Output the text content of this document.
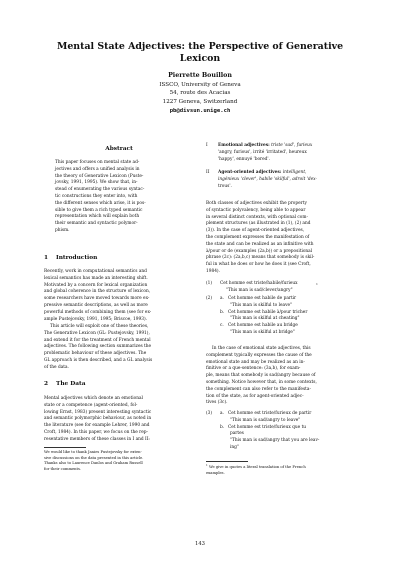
Mental State Adjectives: the Perspective of Generative
Lexicon
Pierrette Bouillon
ISSCO, University of Geneva
54, route des Acacias
1227 Geneva, Switzerland
pb@divsun.unige.ch
Abstract
This paper focuses on mental state ad-
jectives and offers a unified analysis in
the theory of Generative Lexicon (Puste-
jovsky, 1991, 1995). We show that, in-
stead of enumerating the various syntac-
tic constructions they enter into, with
the different senses which arise, it is pos-
sible to give them a rich typed semantic
representation which will explain both
their semantic and syntactic polymor-
phism.
1 Introduction
Recently, work in computational semantics and
lexical semantics has made an interesting shift.
Motivated by a concern for lexical organization
and global coherence in the structure of lexicon,
some researchers have moved towards more ex-
pressive semantic descriptions, as well as more
powerful methods of combining them (see for ex-
ample Pustejovsky, 1991, 1995; Briscoe, 1993).
This article will exploit one of these theories,
The Generative Lexicon (GL: Pustejovsky, 1991),
and extend it for the treatment of French mental
adjectives. The following section summarizes the
problematic behaviour of these adjectives. The
GL approach is then described, and a GL analysis
of the data.
2 The Data
Mental adjectives which denote an emotional
state or a competence (agent-oriented, fol-
lowing Ernst, 1983) present interesting syntactic
and semantic polymorphic behaviour, as noted in
the literature (see for example Lehrer, 1990 and
Croft, 1984). In this paper, we focus on the rep-
resentative members of these classes in I and II:
We would like to thank Janies Pustejovsky for exten-
sive discussions on the data presented in this article.
Thanks also to Laurence Danlos and Graham Russell
for their comments.
I Emotional adjectives: triste 'sad', furieux
'angry, furious', irrité 'irritated', heureux
'happy', ennuyé 'bored'.
II Agent-oriented adjectives: intelligent,
ingénieux 'clever', habile 'skilful', adroit 'dex-
trous'.
Both classes of adjectives exhibit the property
of syntactic polyvalency, being able to appear
in several distinct contexts, with optional com-
plement structures (as illustrated in (1), (2) and
(3)). In the case of agent-oriented adjectives,
the complement expresses the manifestation of
the state and can be realized as an infinitive with
à/pour or de (examples (2a,b)) or a prepositional
phrase (2c): (2a,b,c) means that somebody is skil-
ful in what he does or how he does it (see Croft,
1984).
(1) Cet homme est triste/habile/furieux	1
"This man is sad/clever/angry"
(2) a. Cet homme est habile de partir
"This man is skilful to leave"
b. Cet homme est habile à/pour tricher

"This man is skilful at cheating"
c. Cet homme est habile au bridge

"This man is skilful at bridge"
In the case of emotional state adjectives, this
complement typically expresses the cause of the
emotional state and may be realized as an in-
finitive or a que-sentence: (3a,b), for exam-
ple, means that somebody is sad/angry because of
something. Notice however that, in some contexts,
the complement can also refer to the manifesta-
tion of the state, as for agent-oriented adjec-
tives (3c).
(3) a. Cet homme est triste/furieux de partir
"This man is sad/angry to leave"
b. Cet homme est triste/furieux que tu

partes
"This man is sad/angry that you are leav-
ing"
$^1$ We give in quotes a literal translation of the French
examples.
143
